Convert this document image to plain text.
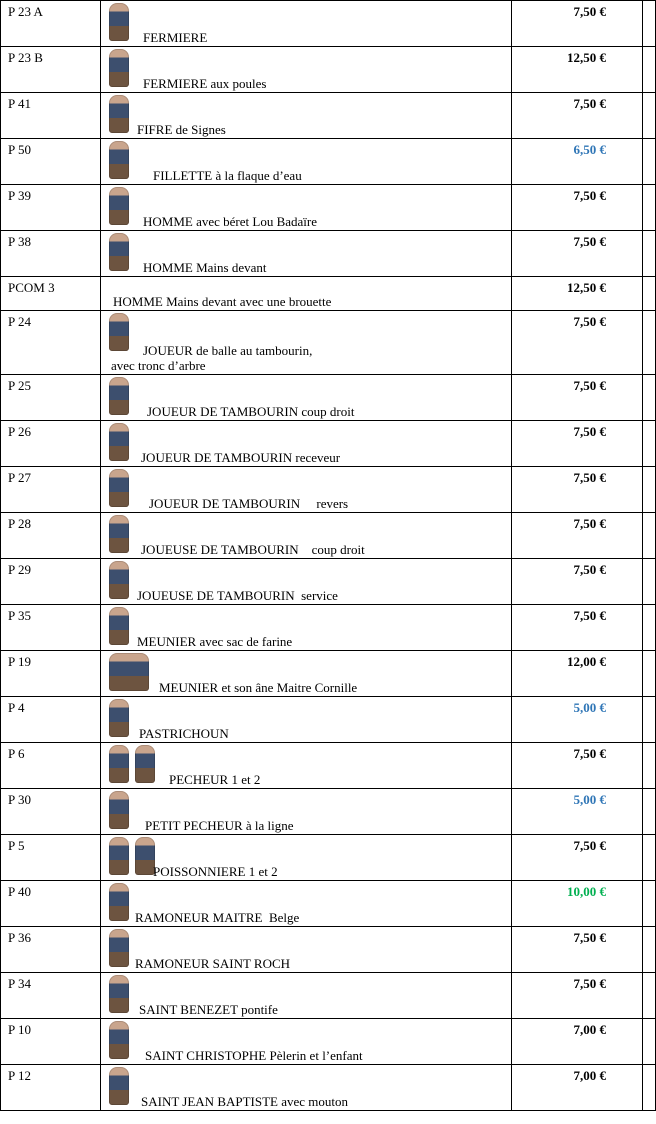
P 23 A	FERMIERE	7,50 €	
P 23 B	FERMIERE aux poules	12,50 €	
P 41	FIFRE de Signes	7,50 €	
P 50	FILLETTE à la flaque d’eau	6,50 €	
P 39	HOMME avec béret Lou Badaïre	7,50 €	
P 38	HOMME Mains devant	7,50 €	
PCOM 3	HOMME Mains devant avec une brouette	12,50 €	
P 24	JOUEUR de balle au tambourin,
avec tronc d’arbre	7,50 €	
P 25	JOUEUR DE TAMBOURIN coup droit	7,50 €	
P 26	JOUEUR DE TAMBOURIN receveur	7,50 €	
P 27	JOUEUR DE TAMBOURIN     revers	7,50 €	
P 28	JOUEUSE DE TAMBOURIN    coup droit	7,50 €	
P 29	JOUEUSE DE TAMBOURIN  service	7,50 €	
P 35	MEUNIER avec sac de farine	7,50 €	
P 19	MEUNIER et son âne Maitre Cornille	12,00 €	
P 4	PASTRICHOUN	5,00 €	
P 6	PECHEUR 1 et 2	7,50 €	
P 30	PETIT PECHEUR à la ligne	5,00 €	
P 5	POISSONNIERE 1 et 2	7,50 €	
P 40	RAMONEUR MAITRE  Belge	10,00 €	
P 36	RAMONEUR SAINT ROCH	7,50 €	
P 34	SAINT BENEZET pontife	7,50 €	
P 10	SAINT CHRISTOPHE Pèlerin et l’enfant	7,00 €	
P 12	SAINT JEAN BAPTISTE avec mouton	7,00 €	
